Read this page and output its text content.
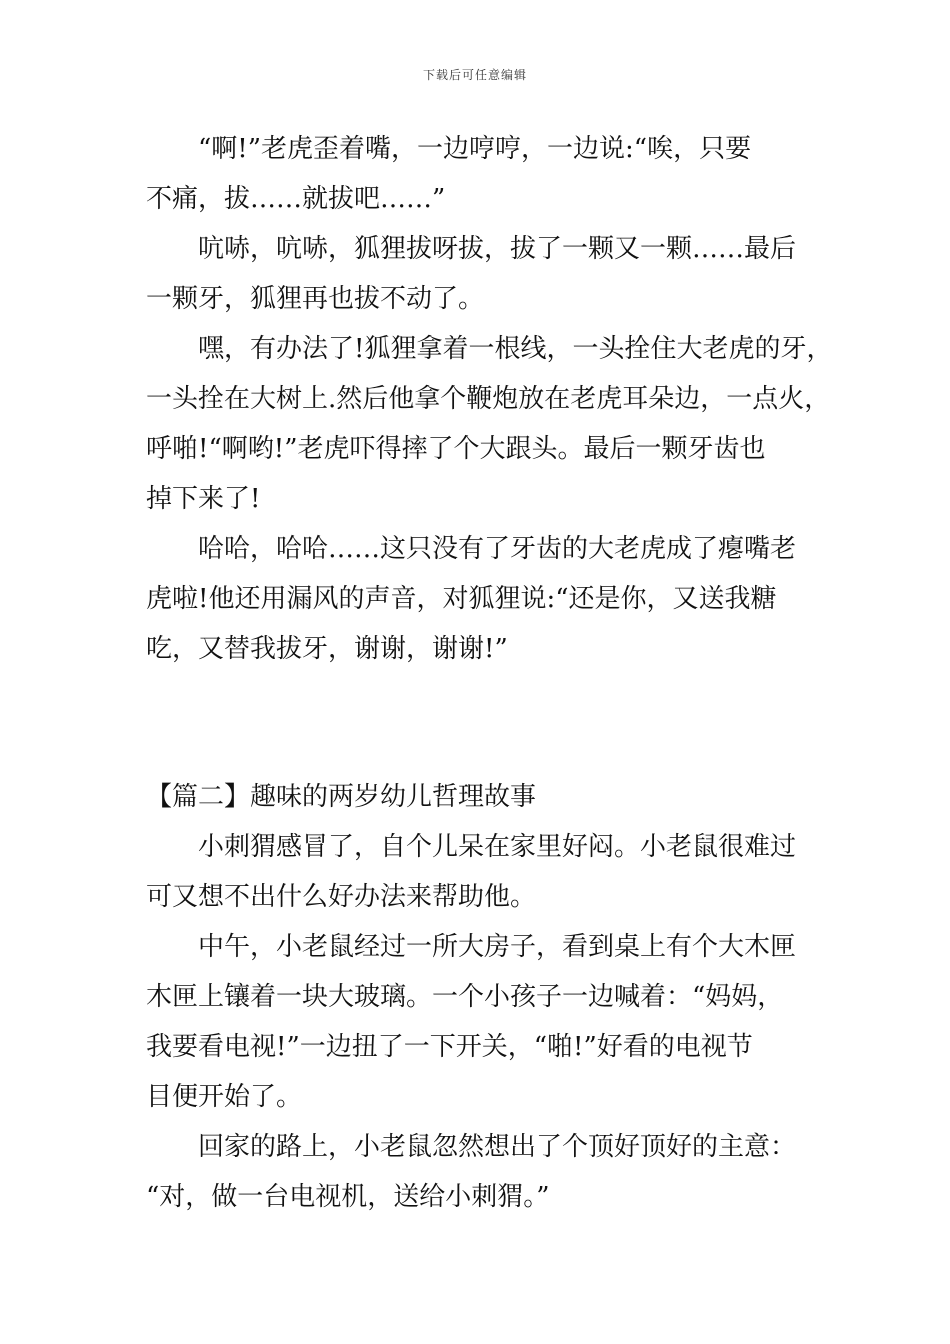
下载后可任意编辑

“啊!”老虎歪着嘴，一边哼哼，一边说:“唉，只要

不痛，拔……就拔吧……”

吭哧，吭哧，狐狸拔呀拔，拔了一颗又一颗……最后

一颗牙，狐狸再也拔不动了。

嘿，有办法了!狐狸拿着一根线，一头拴住大老虎的牙，

一头拴在大树上.然后他拿个鞭炮放在老虎耳朵边，一点火，

呼啪!“啊哟!”老虎吓得摔了个大跟头。最后一颗牙齿也

掉下来了!

哈哈，哈哈……这只没有了牙齿的大老虎成了瘪嘴老

虎啦!他还用漏风的声音，对狐狸说:“还是你，又送我糖

吃，又替我拔牙，谢谢，谢谢!”

【篇二】趣味的两岁幼儿哲理故事

小刺猬感冒了，自个儿呆在家里好闷。小老鼠很难过

可又想不出什么好办法来帮助他。

中午，小老鼠经过一所大房子，看到桌上有个大木匣

木匣上镶着一块大玻璃。一个小孩子一边喊着：“妈妈，

我要看电视!”一边扭了一下开关，“啪!”好看的电视节

目便开始了。

回家的路上，小老鼠忽然想出了个顶好顶好的主意：

“对，做一台电视机，送给小刺猬。”
